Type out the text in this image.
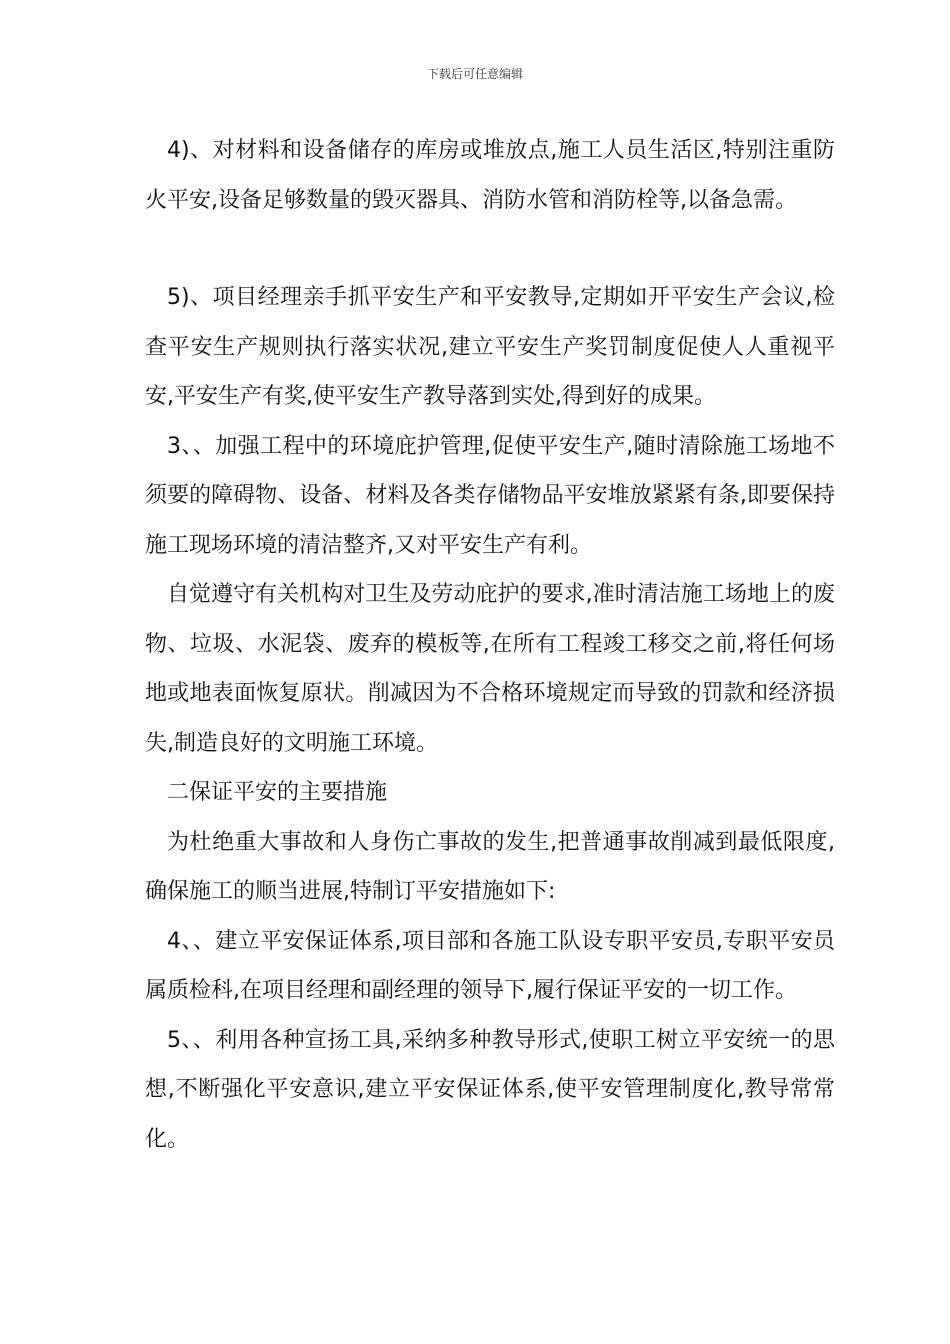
下载后可任意编辑

4)、对材料和设备储存的库房或堆放点,施工人员生活区,特别注重防火平安,设备足够数量的毁灭器具、消防水管和消防栓等,以备急需。

5)、项目经理亲手抓平安生产和平安教导,定期如开平安生产会议,检查平安生产规则执行落实状况,建立平安生产奖罚制度促使人人重视平安,平安生产有奖,使平安生产教导落到实处,得到好的成果。

3、、加强工程中的环境庇护管理,促使平安生产,随时清除施工场地不须要的障碍物、设备、材料及各类存储物品平安堆放紧紧有条,即要保持施工现场环境的清洁整齐,又对平安生产有利。

自觉遵守有关机构对卫生及劳动庇护的要求,准时清洁施工场地上的废物、垃圾、水泥袋、废弃的模板等,在所有工程竣工移交之前,将任何场地或地表面恢复原状。削减因为不合格环境规定而导致的罚款和经济损失,制造良好的文明施工环境。

二保证平安的主要措施

为杜绝重大事故和人身伤亡事故的发生,把普通事故削减到最低限度,确保施工的顺当进展,特制订平安措施如下:

4、、建立平安保证体系,项目部和各施工队设专职平安员,专职平安员属质检科,在项目经理和副经理的领导下,履行保证平安的一切工作。

5、、利用各种宣扬工具,采纳多种教导形式,使职工树立平安统一的思想,不断强化平安意识,建立平安保证体系,使平安管理制度化,教导常常化。
